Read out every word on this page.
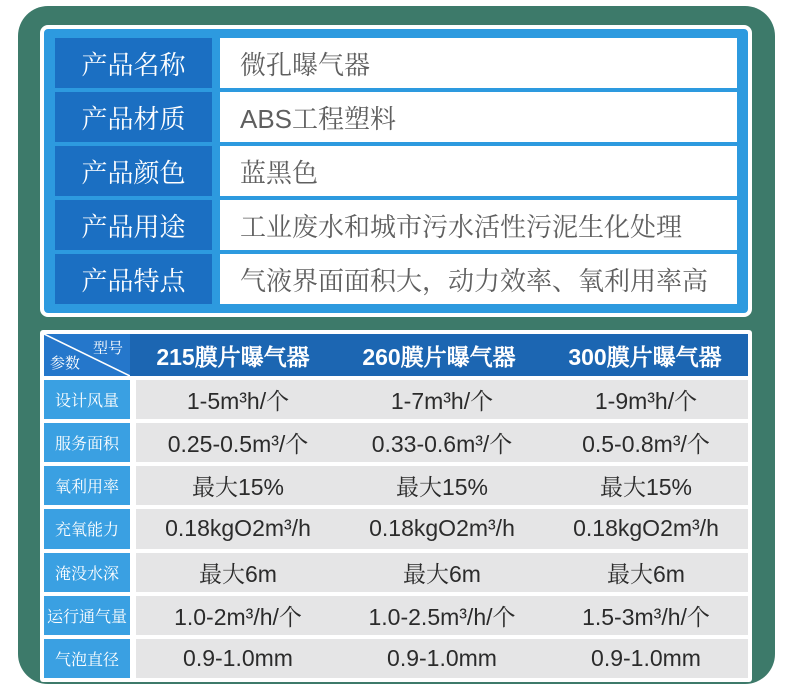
产品名称	微孔曝气器
产品材质	ABS工程塑料
产品颜色	蓝黑色
产品用途	工业废水和城市污水活性污泥生化处理
产品特点	气液界面面积大，动力效率、氧利用率高
型号
参数	215膜片曝气器	260膜片曝气器	300膜片曝气器
设计风量	1-5m³h/个	1-7m³h/个	1-9m³h/个
服务面积	0.25-0.5m³/个	0.33-0.6m³/个	0.5-0.8m³/个
氧利用率	最大15%	最大15%	最大15%
充氧能力	0.18kgO2m³/h	0.18kgO2m³/h	0.18kgO2m³/h
淹没水深	最大6m	最大6m	最大6m
运行通气量	1.0-2m³/h/个	1.0-2.5m³/h/个	1.5-3m³/h/个
气泡直径	0.9-1.0mm	0.9-1.0mm	0.9-1.0mm
